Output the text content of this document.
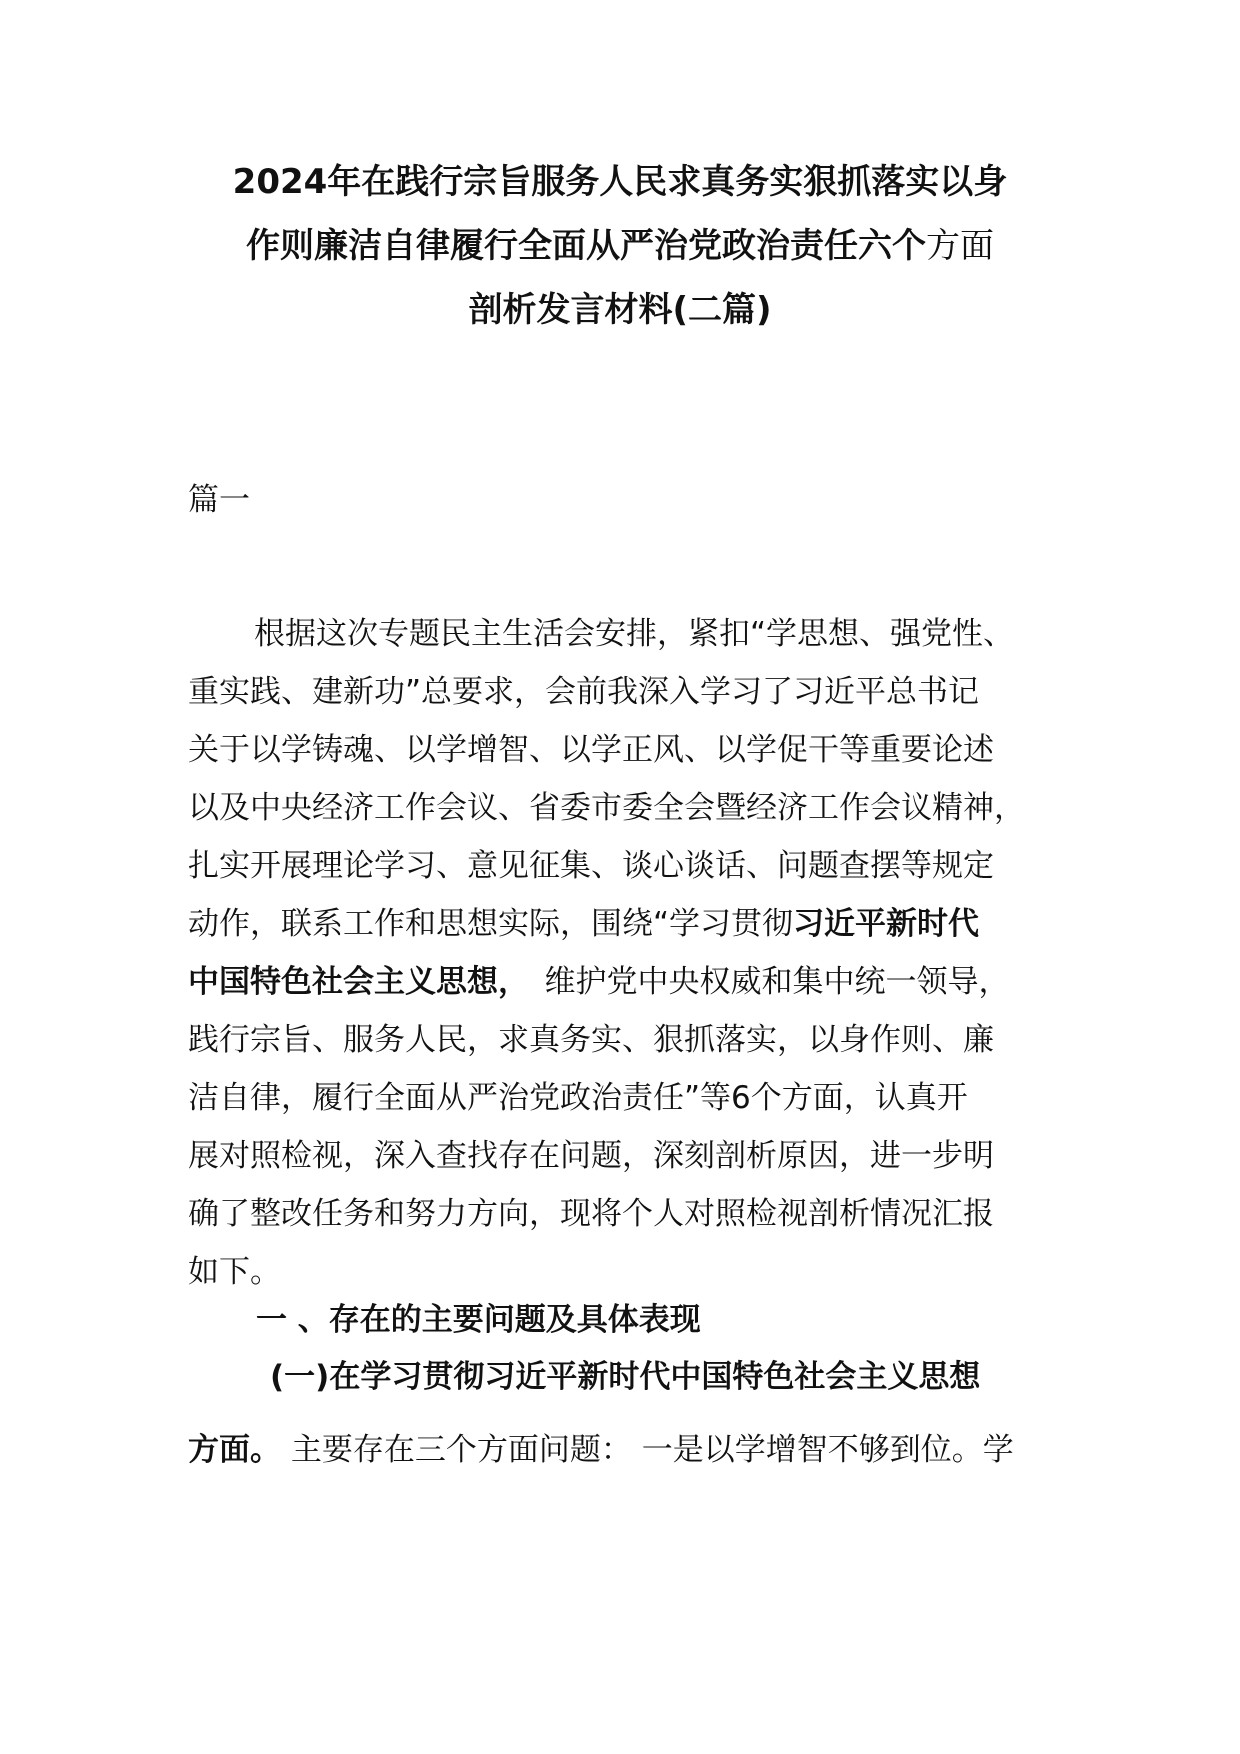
2024年在践行宗旨服务人民求真务实狠抓落实以身
作则廉洁自律履行全面从严治党政治责任六个方面
剖析发言材料(二篇)
篇一
根据这次专题民主生活会安排，紧扣“学思想、强党性、
重实践、建新功”总要求，会前我深入学习了习近平总书记
关于以学铸魂、以学增智、以学正风、以学促干等重要论述
以及中央经济工作会议、省委市委全会暨经济工作会议精神，
扎实开展理论学习、意见征集、谈心谈话、问题查摆等规定
动作，联系工作和思想实际，围绕“学习贯彻习近平新时代
中国特色社会主义思想，　维护党中央权威和集中统一领导，
践行宗旨、服务人民，求真务实、狠抓落实，以身作则、廉
洁自律，履行全面从严治党政治责任”等6个方面，认真开
展对照检视，深入查找存在问题，深刻剖析原因，进一步明
确了整改任务和努力方向，现将个人对照检视剖析情况汇报
如下。
一 、存在的主要问题及具体表现
(一)在学习贯彻习近平新时代中国特色社会主义思想
方面。 主要存在三个方面问题： 一是以学增智不够到位。学
